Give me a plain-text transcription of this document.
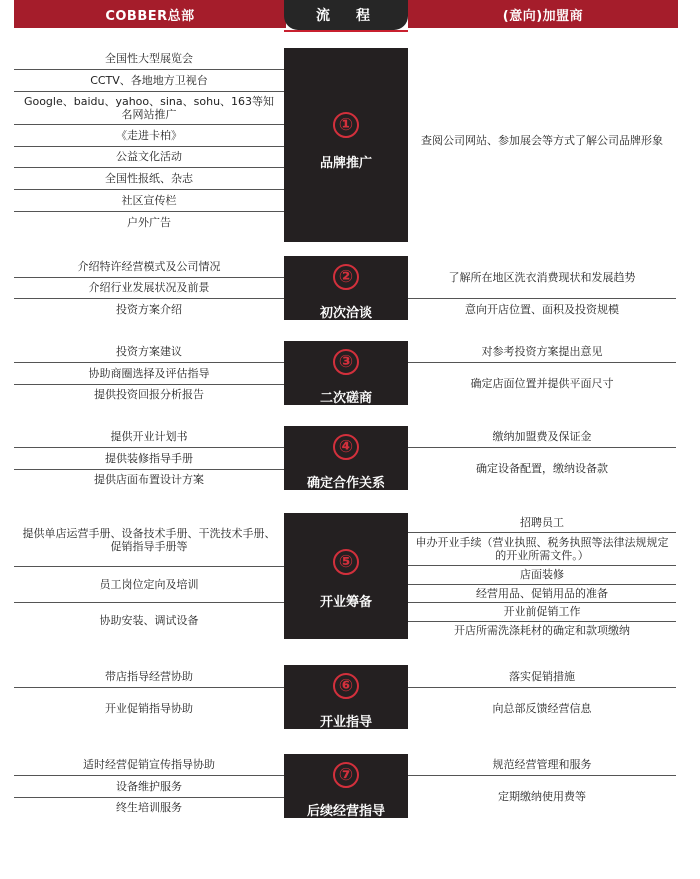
COBBER总部	(意向)加盟商
流　程
①
品牌推广
全国性大型展览会
CCTV、各地地方卫视台
Google、baidu、yahoo、sina、sohu、163等知名网站推广
《走进卡柏》
公益文化活动
全国性报纸、杂志
社区宣传栏
户外广告
查阅公司网站、参加展会等方式了解公司品牌形象
②
初次洽谈
介绍特许经营模式及公司情况
介绍行业发展状况及前景
投资方案介绍
了解所在地区洗衣消费现状和发展趋势
意向开店位置、面积及投资规模
③
二次磋商
投资方案建议
协助商圈选择及评估指导
提供投资回报分析报告
对参考投资方案提出意见
确定店面位置并提供平面尺寸
④
确定合作关系
提供开业计划书
提供装修指导手册
提供店面布置设计方案
缴纳加盟费及保证金
确定设备配置，缴纳设备款
⑤
开业筹备
提供单店运营手册、设备技术手册、干洗技术手册、促销指导手册等
员工岗位定向及培训
协助安装、调试设备
招聘员工
申办开业手续（营业执照、税务执照等法律法规规定的开业所需文件。）
店面装修
经营用品、促销用品的准备
开业前促销工作
开店所需洗涤耗材的确定和款项缴纳
⑥
开业指导
带店指导经营协助
开业促销指导协助
落实促销措施
向总部反馈经营信息
⑦
后续经营指导
适时经营促销宣传指导协助
设备维护服务
终生培训服务
规范经营管理和服务
定期缴纳使用费等
